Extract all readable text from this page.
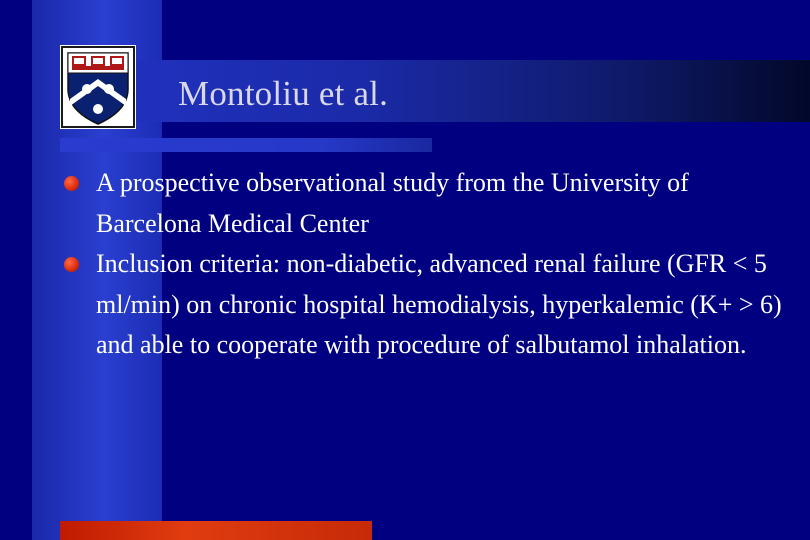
Montoliu et al.
A prospective observational study from the University of Barcelona Medical Center
Inclusion criteria: non-diabetic, advanced renal failure (GFR < 5 ml/min) on chronic hospital hemodialysis, hyperkalemic (K+ > 6) and able to cooperate with procedure of salbutamol inhalation.
